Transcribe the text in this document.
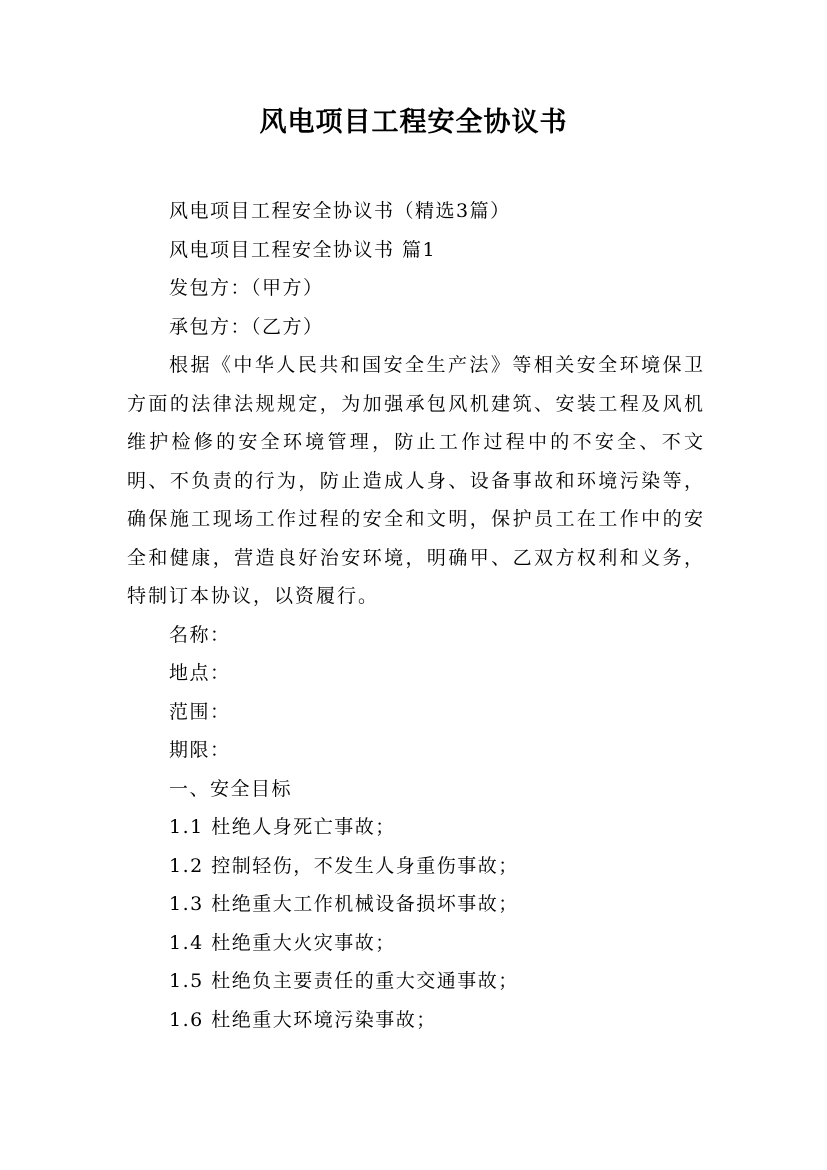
风电项目工程安全协议书
风电项目工程安全协议书（精选3篇）
风电项目工程安全协议书 篇1
发包方：（甲方）
承包方：（乙方）

根据《中华人民共和国安全生产法》等相关安全环境保卫方面的法律法规规定，为加强承包风机建筑、安装工程及风机维护检修的安全环境管理，防止工作过程中的不安全、不文明、不负责的行为，防止造成人身、设备事故和环境污染等，确保施工现场工作过程的安全和文明，保护员工在工作中的安全和健康，营造良好治安环境，明确甲、乙双方权利和义务，特制订本协议，以资履行。

名称：
地点：
范围：
期限：
一、安全目标
1.1 杜绝人身死亡事故；
1.2 控制轻伤，不发生人身重伤事故；
1.3 杜绝重大工作机械设备损坏事故；
1.4 杜绝重大火灾事故；
1.5 杜绝负主要责任的重大交通事故；
1.6 杜绝重大环境污染事故；
